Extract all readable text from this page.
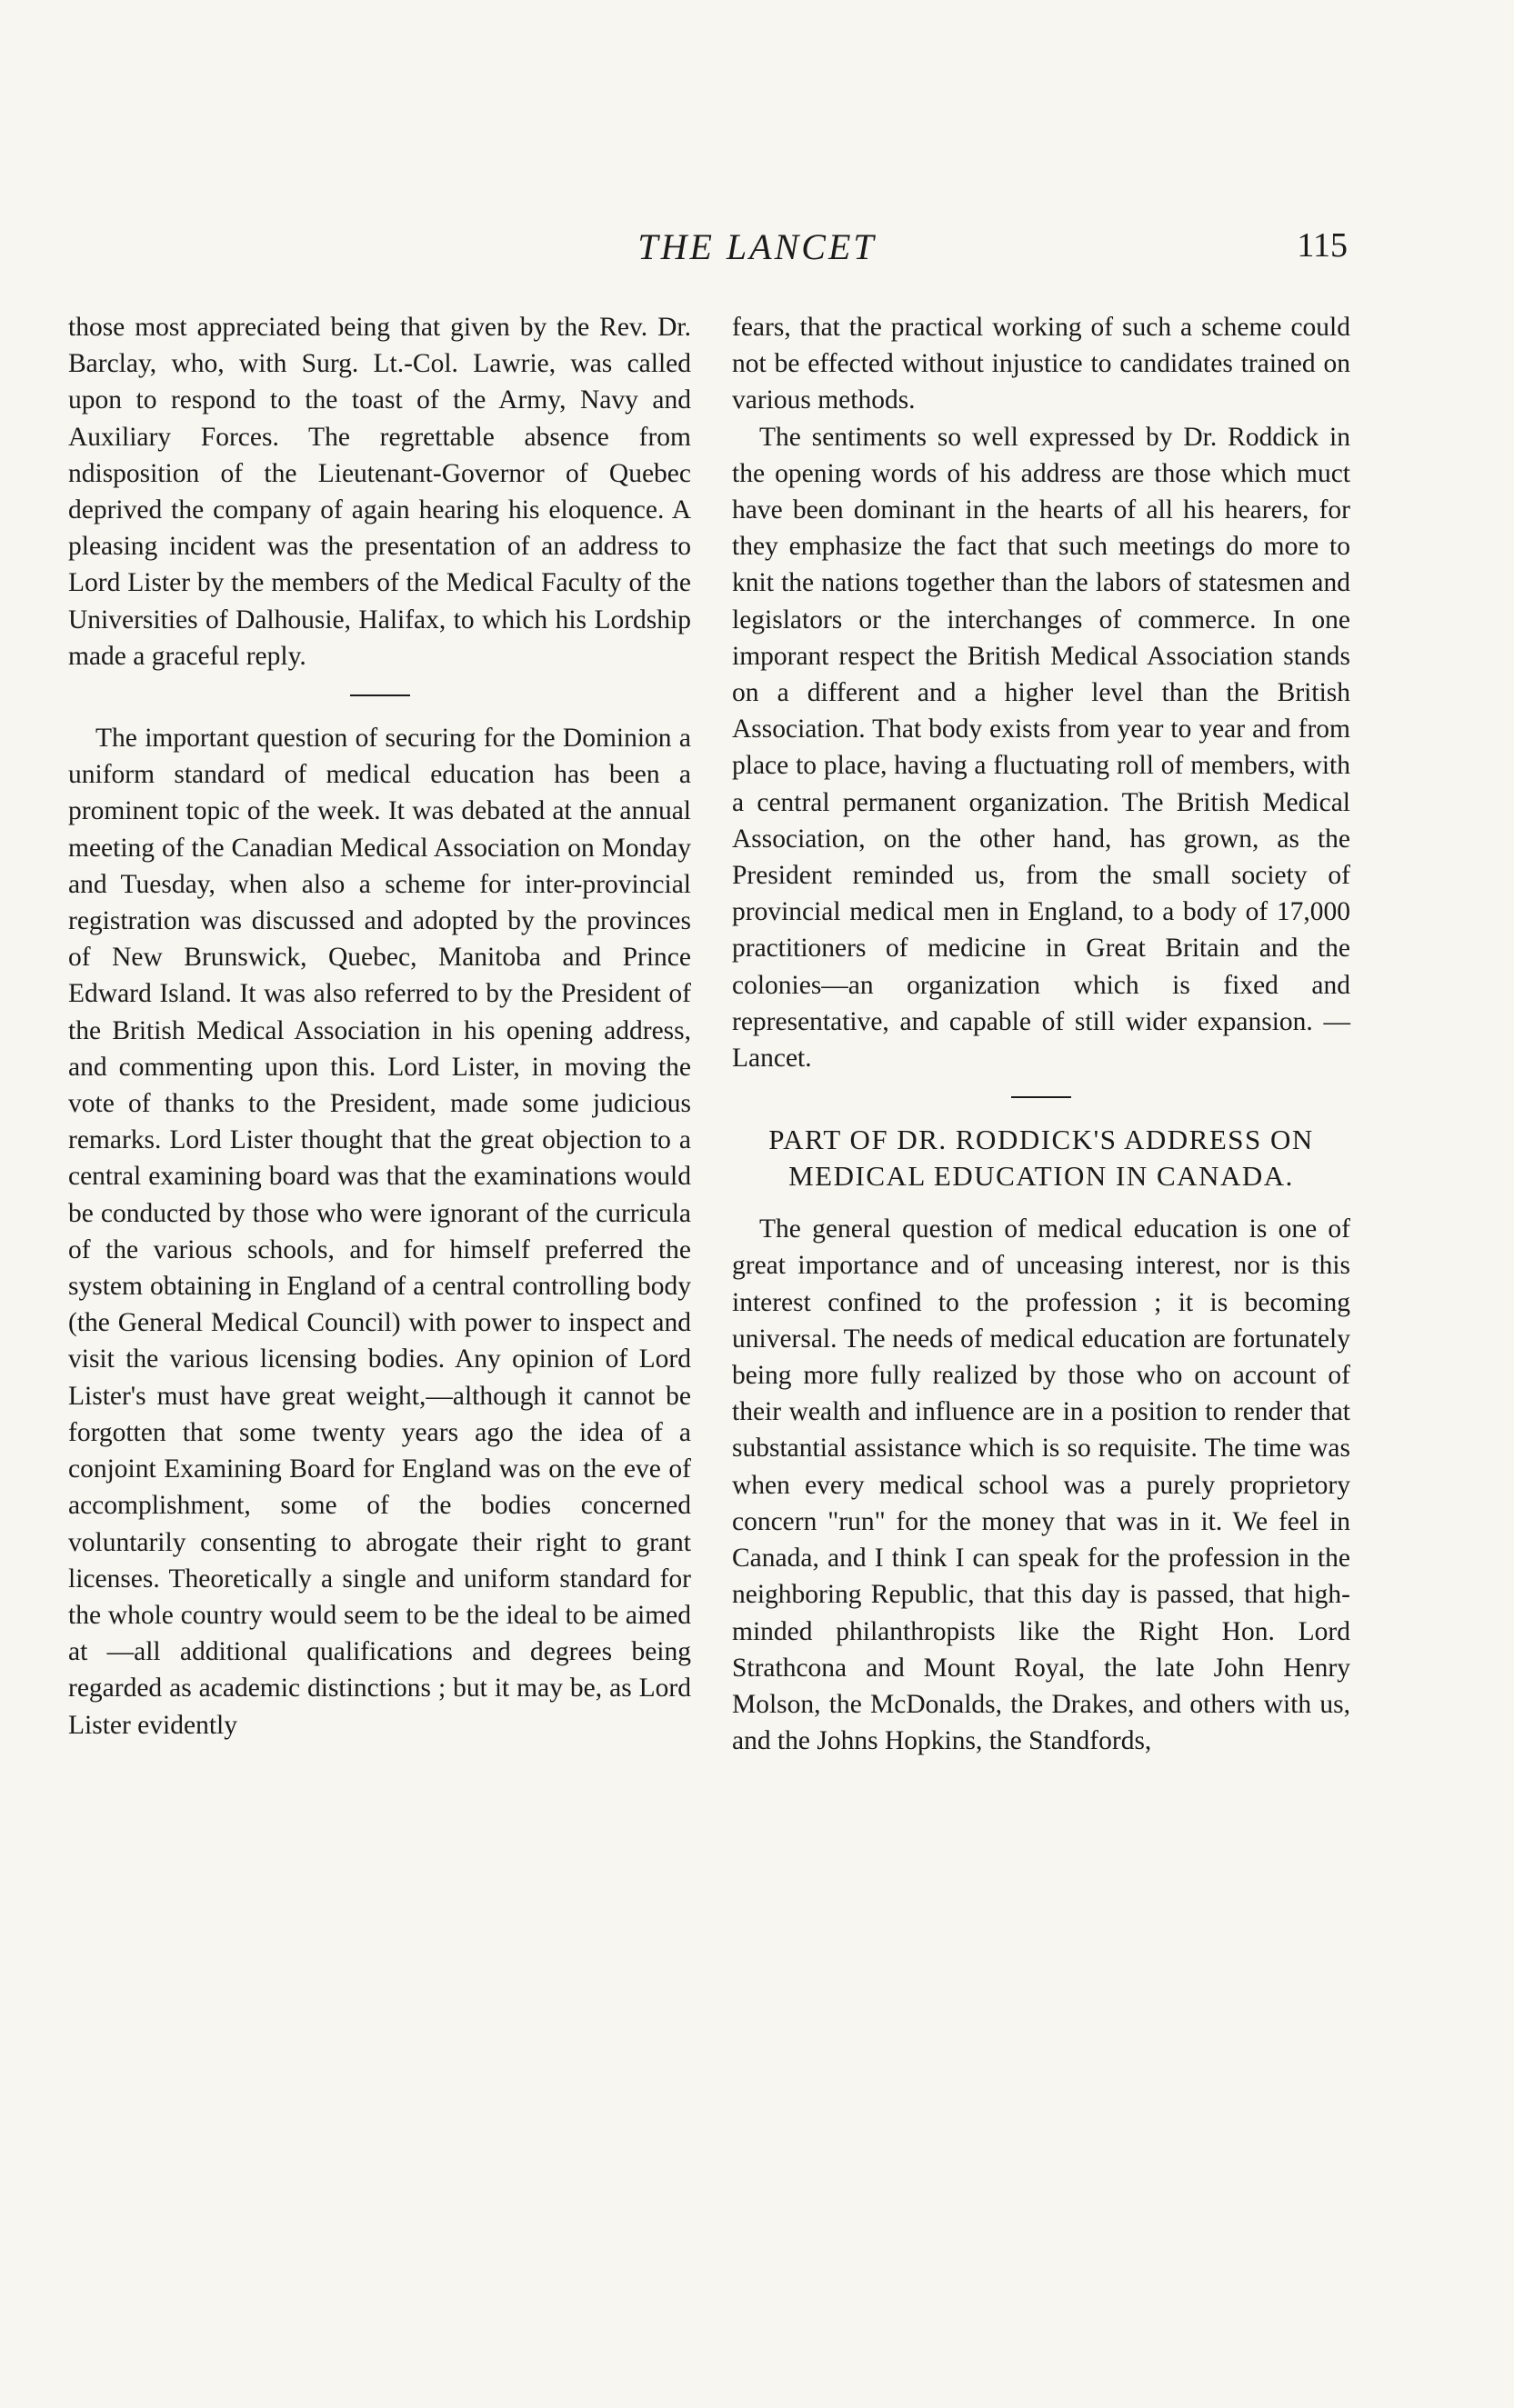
THE LANCET	115

those most appreciated being that given by the Rev. Dr. Barclay, who, with Surg. Lt.-Col. Lawrie, was called upon to respond to the toast of the Army, Navy and Auxiliary Forces. The regrettable absence from ndisposition of the Lieutenant-Governor of Quebec deprived the company of again hearing his eloquence. A pleasing incident was the presentation of an address to Lord Lister by the members of the Medical Faculty of the Universities of Dalhousie, Halifax, to which his Lordship made a graceful reply.

The important question of securing for the Dominion a uniform standard of medical education has been a prominent topic of the week. It was debated at the annual meeting of the Canadian Medical Association on Monday and Tuesday, when also a scheme for inter-provincial registration was discussed and adopted by the provinces of New Brunswick, Quebec, Manitoba and Prince Edward Island. It was also referred to by the President of the British Medical Association in his opening address, and commenting upon this. Lord Lister, in moving the vote of thanks to the President, made some judicious remarks. Lord Lister thought that the great objection to a central examining board was that the examinations would be conducted by those who were ignorant of the curricula of the various schools, and for himself preferred the system obtaining in England of a central controlling body (the General Medical Council) with power to inspect and visit the various licensing bodies. Any opinion of Lord Lister's must have great weight,—although it cannot be forgotten that some twenty years ago the idea of a conjoint Examining Board for England was on the eve of accomplishment, some of the bodies concerned voluntarily consenting to abrogate their right to grant licenses. Theoretically a single and uniform standard for the whole country would seem to be the ideal to be aimed at —all additional qualifications and degrees being regarded as academic distinctions ; but it may be, as Lord Lister evidently

fears, that the practical working of such a scheme could not be effected without injustice to candidates trained on various methods.

The sentiments so well expressed by Dr. Roddick in the opening words of his address are those which muct have been dominant in the hearts of all his hearers, for they emphasize the fact that such meetings do more to knit the nations together than the labors of statesmen and legislators or the interchanges of commerce. In one imporant respect the British Medical Association stands on a different and a higher level than the British Association. That body exists from year to year and from place to place, having a fluctuating roll of members, with a central permanent organization. The British Medical Association, on the other hand, has grown, as the President reminded us, from the small society of provincial medical men in England, to a body of 17,000 practitioners of medicine in Great Britain and the colonies—an organization which is fixed and representative, and capable of still wider expansion. —Lancet.

PART OF DR. RODDICK'S ADDRESS ON MEDICAL EDUCATION IN CANADA.

The general question of medical education is one of great importance and of unceasing interest, nor is this interest confined to the profession ; it is becoming universal. The needs of medical education are fortunately being more fully realized by those who on account of their wealth and influence are in a position to render that substantial assistance which is so requisite. The time was when every medical school was a purely proprietory concern "run" for the money that was in it. We feel in Canada, and I think I can speak for the profession in the neighboring Republic, that this day is passed, that high-minded philanthropists like the Right Hon. Lord Strathcona and Mount Royal, the late John Henry Molson, the McDonalds, the Drakes, and others with us, and the Johns Hopkins, the Standfords,
